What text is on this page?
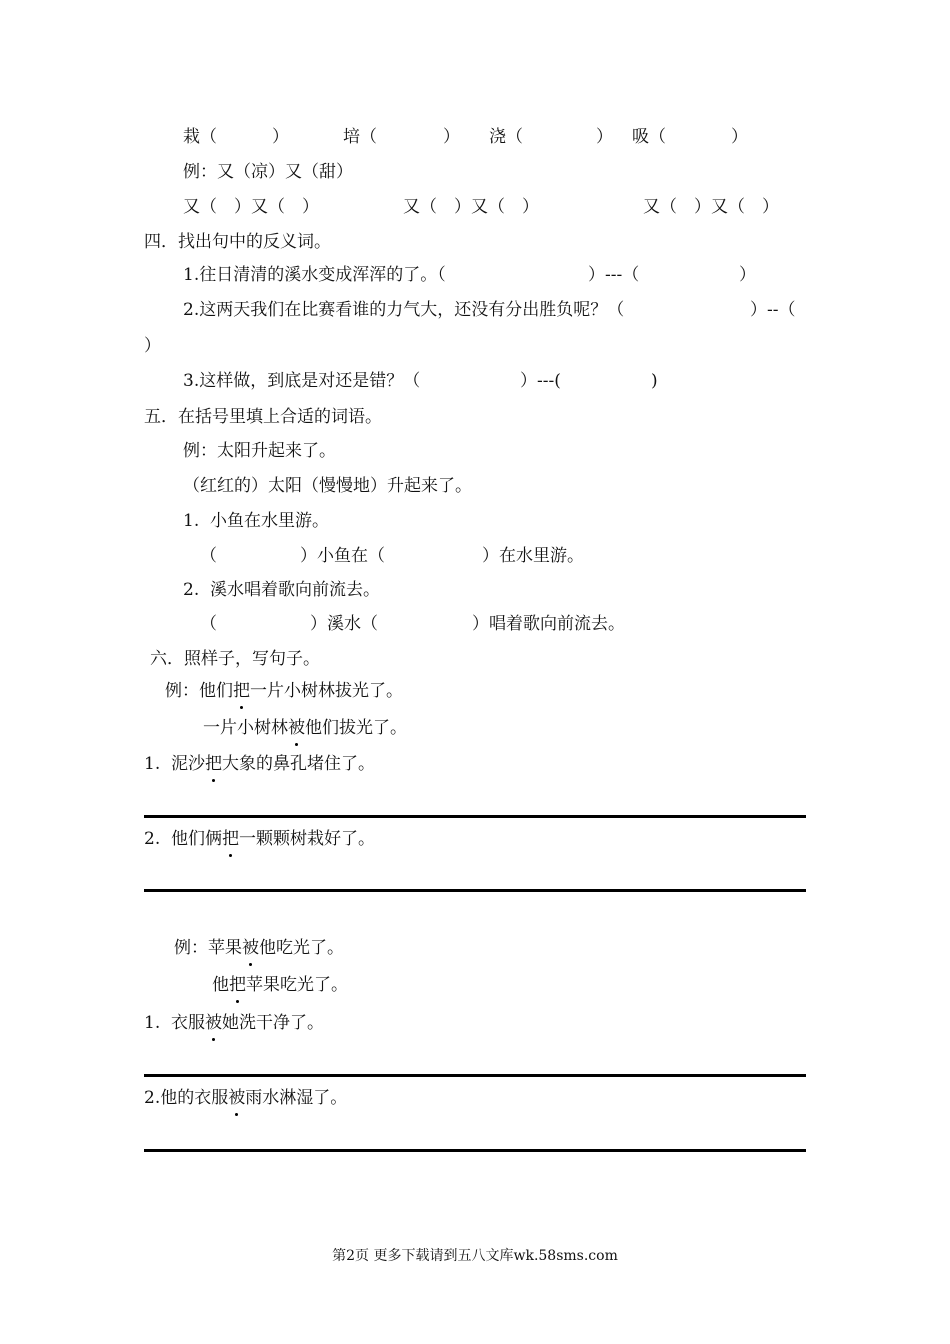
栽（	）	培（	） 浇（	） 吸（	）
例：又（凉）又（甜）
又（　）又（　）	又（　）又（　）	又（　）又（　）
四．找出句中的反义词。
1.往日清清的溪水变成浑浑的了。（	）---（	）
2.这两天我们在比赛看谁的力气大，还没有分出胜负呢？（	）--（
）
3.这样做，到底是对还是错？（	）---(	)
五．在括号里填上合适的词语。
例：太阳升起来了。
（红红的）太阳（慢慢地）升起来了。
1.  小鱼在水里游。
（	）小鱼在（	）在水里游。
2.  溪水唱着歌向前流去。
（	）溪水（	）唱着歌向前流去。
六．照样子，写句子。
例：他们把一片小树林拔光了。
一片小树林被他们拔光了。
1.  泥沙把大象的鼻孔堵住了。
2.  他们俩把一颗颗树栽好了。
例：苹果被他吃光了。
他把苹果吃光了。
1.  衣服被她洗干净了。
2.他的衣服被雨水淋湿了。
第2页 更多下载请到五八文库wk.58sms.com
